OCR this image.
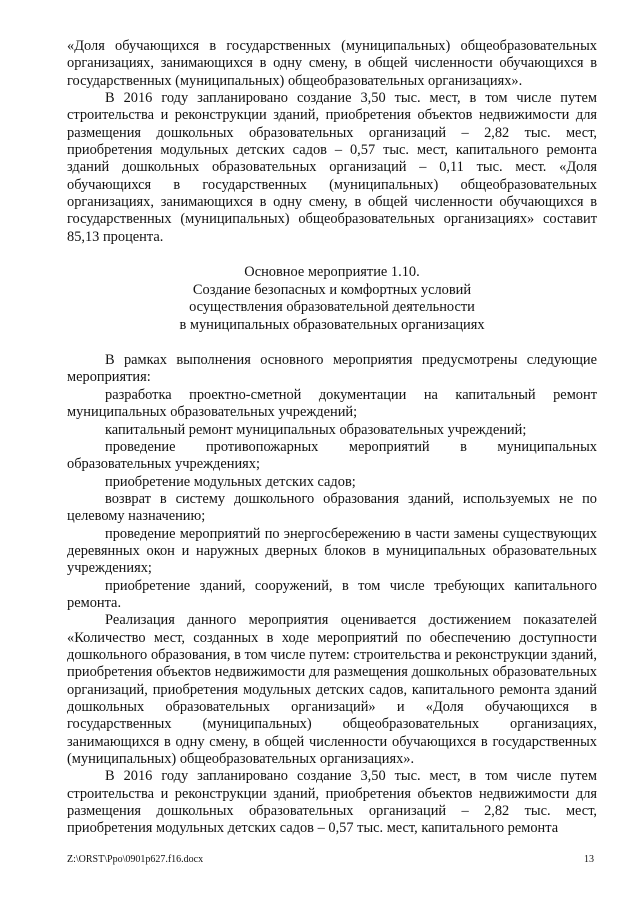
«Доля обучающихся в государственных (муниципальных) общеобразовательных организациях, занимающихся в одну смену, в общей численности обучающихся в государственных (муниципальных) общеобразовательных организациях».

В 2016 году запланировано создание 3,50 тыс. мест, в том числе путем строительства и реконструкции зданий, приобретения объектов недвижимости для размещения дошкольных образовательных организаций – 2,82 тыс. мест, приобретения модульных детских садов – 0,57 тыс. мест, капитального ремонта зданий дошкольных образовательных организаций – 0,11 тыс. мест. «Доля обучающихся в государственных (муниципальных) общеобразовательных организациях, занимающихся в одну смену, в общей численности обучающихся в государственных (муниципальных) общеобразовательных организациях» составит 85,13 процента.

Основное мероприятие 1.10.
Создание безопасных и комфортных условий
осуществления образовательной деятельности
в муниципальных образовательных организациях

В рамках выполнения основного мероприятия предусмотрены следующие мероприятия:

разработка проектно-сметной документации на капитальный ремонт муниципальных образовательных учреждений;

капитальный ремонт муниципальных образовательных учреждений;

проведение противопожарных мероприятий в муниципальных образовательных учреждениях;

приобретение модульных детских садов;

возврат в систему дошкольного образования зданий, используемых не по целевому назначению;

проведение мероприятий по энергосбережению в части замены существующих деревянных окон и наружных дверных блоков в муниципальных образовательных учреждениях;

приобретение зданий, сооружений, в том числе требующих капитального ремонта.

Реализация данного мероприятия оценивается достижением показателей «Количество мест, созданных в ходе мероприятий по обеспечению доступности дошкольного образования, в том числе путем: строительства и реконструкции зданий, приобретения объектов недвижимости для размещения дошкольных образовательных организаций, приобретения модульных детских садов, капитального ремонта зданий дошкольных образовательных организаций» и «Доля обучающихся в государственных (муниципальных) общеобразовательных организациях, занимающихся в одну смену, в общей численности обучающихся в государственных (муниципальных) общеобразовательных организациях».

В 2016 году запланировано создание 3,50 тыс. мест, в том числе путем строительства и реконструкции зданий, приобретения объектов недвижимости для размещения дошкольных образовательных организаций – 2,82 тыс. мест, приобретения модульных детских садов – 0,57 тыс. мест, капитального ремонта

Z:\ORST\Ppo\0901p627.f16.docx	13
